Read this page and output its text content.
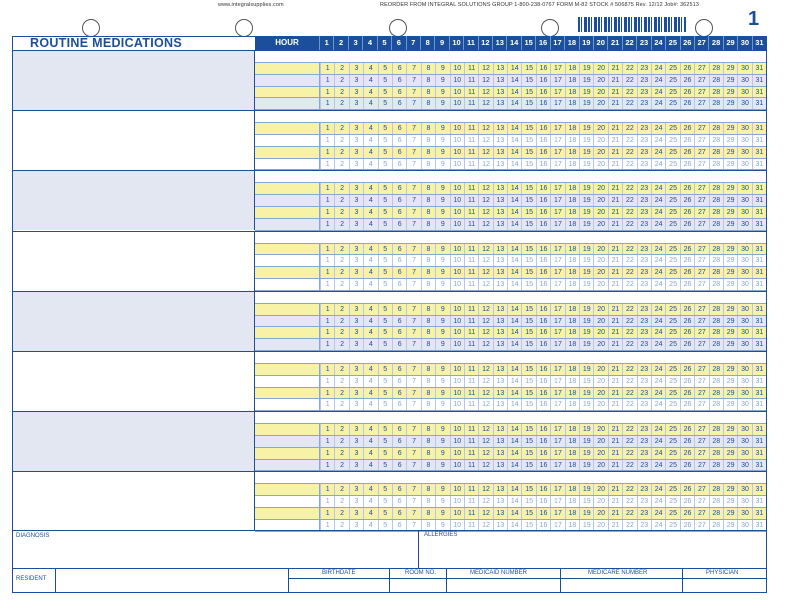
www.integralsupplies.com	REORDER FROM INTEGRAL SOLUTIONS GROUP 1-800-238-0767 FORM M-82 STOCK # 506875 Rev. 12/12 Job#: 362513
1
ROUTINE MEDICATIONS	HOUR	1	2	3	4	5	6	7	8	9	10 11 12 13 14 15 16 17 18 19 20 21 22 23 24 25 26 27 28 29 30 31
1	2	3	4	5	6	7	8	9	10 11 12 13 14 15 16 17 18 19 20 21 22 23 24 25 26 27 28 29 30 31
1	2	3	4	5	6	7	8	9	10 11 12 13 14 15 16 17 18 19 20 21 22 23 24 25 26 27 28 29 30 31
1	2	3	4	5	6	7	8	9	10 11 12 13 14 15 16 17 18 19 20 21 22 23 24 25 26 27 28 29 30 31
1	2	3	4	5	6	7	8	9	10 11 12 13 14 15 16 17 18 19 20 21 22 23 24 25 26 27 28 29 30 31
1	2	3	4	5	6	7	8	9	10 11 12 13 14 15 16 17 18 19 20 21 22 23 24 25 26 27 28 29 30 31
1	2	3	4	5	6	7	8	9	10 11 12 13 14 15 16 17 18 19 20 21 22 23 24 25 26 27 28 29 30 31
1	2	3	4	5	6	7	8	9	10 11 12 13 14 15 16 17 18 19 20 21 22 23 24 25 26 27 28 29 30 31
1	2	3	4	5	6	7	8	9	10 11 12 13 14 15 16 17 18 19 20 21 22 23 24 25 26 27 28 29 30 31
1	2	3	4	5	6	7	8	9	10 11 12 13 14 15 16 17 18 19 20 21 22 23 24 25 26 27 28 29 30 31
1	2	3	4	5	6	7	8	9	10 11 12 13 14 15 16 17 18 19 20 21 22 23 24 25 26 27 28 29 30 31
1	2	3	4	5	6	7	8	9	10 11 12 13 14 15 16 17 18 19 20 21 22 23 24 25 26 27 28 29 30 31
1	2	3	4	5	6	7	8	9	10 11 12 13 14 15 16 17 18 19 20 21 22 23 24 25 26 27 28 29 30 31
1	2	3	4	5	6	7	8	9	10 11 12 13 14 15 16 17 18 19 20 21 22 23 24 25 26 27 28 29 30 31
1	2	3	4	5	6	7	8	9	10 11 12 13 14 15 16 17 18 19 20 21 22 23 24 25 26 27 28 29 30 31
1	2	3	4	5	6	7	8	9	10 11 12 13 14 15 16 17 18 19 20 21 22 23 24 25 26 27 28 29 30 31
1	2	3	4	5	6	7	8	9	10 11 12 13 14 15 16 17 18 19 20 21 22 23 24 25 26 27 28 29 30 31
1	2	3	4	5	6	7	8	9	10 11 12 13 14 15 16 17 18 19 20 21 22 23 24 25 26 27 28 29 30 31
1	2	3	4	5	6	7	8	9	10 11 12 13 14 15 16 17 18 19 20 21 22 23 24 25 26 27 28 29 30 31
1	2	3	4	5	6	7	8	9	10 11 12 13 14 15 16 17 18 19 20 21 22 23 24 25 26 27 28 29 30 31
1	2	3	4	5	6	7	8	9	10 11 12 13 14 15 16 17 18 19 20 21 22 23 24 25 26 27 28 29 30 31
1	2	3	4	5	6	7	8	9	10 11 12 13 14 15 16 17 18 19 20 21 22 23 24 25 26 27 28 29 30 31
1	2	3	4	5	6	7	8	9	10 11 12 13 14 15 16 17 18 19 20 21 22 23 24 25 26 27 28 29 30 31
1	2	3	4	5	6	7	8	9	10 11 12 13 14 15 16 17 18 19 20 21 22 23 24 25 26 27 28 29 30 31
1	2	3	4	5	6	7	8	9	10 11 12 13 14 15 16 17 18 19 20 21 22 23 24 25 26 27 28 29 30 31
1	2	3	4	5	6	7	8	9	10 11 12 13 14 15 16 17 18 19 20 21 22 23 24 25 26 27 28 29 30 31
1	2	3	4	5	6	7	8	9	10 11 12 13 14 15 16 17 18 19 20 21 22 23 24 25 26 27 28 29 30 31
1	2	3	4	5	6	7	8	9	10 11 12 13 14 15 16 17 18 19 20 21 22 23 24 25 26 27 28 29 30 31
1	2	3	4	5	6	7	8	9	10 11 12 13 14 15 16 17 18 19 20 21 22 23 24 25 26 27 28 29 30 31
1	2	3	4	5	6	7	8	9	10 11 12 13 14 15 16 17 18 19 20 21 22 23 24 25 26 27 28 29 30 31
1	2	3	4	5	6	7	8	9	10 11 12 13 14 15 16 17 18 19 20 21 22 23 24 25 26 27 28 29 30 31
1	2	3	4	5	6	7	8	9	10 11 12 13 14 15 16 17 18 19 20 21 22 23 24 25 26 27 28 29 30 31
1	2	3	4	5	6	7	8	9	10 11 12 13 14 15 16 17 18 19 20 21 22 23 24 25 26 27 28 29 30 31
DIAGNOSIS	ALLERGIES
RESIDENT
BIRTHDATE	ROOM NO.	MEDICAID NUMBER	MEDICARE NUMBER	PHYSICIAN
